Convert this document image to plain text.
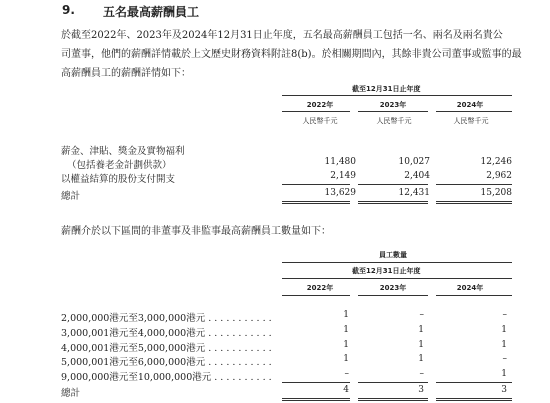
9. 五名最高薪酬員工
於截至2022年、2023年及2024年12月31日止年度，五名最高薪酬員工包括一名、兩名及兩名貴公
司董事，他們的薪酬詳情載於上文歷史財務資料附註8(b)。於相關期間內，其餘非貴公司董事或監事的最
高薪酬員工的薪酬詳情如下：
截至12月31日止年度
2022年	2023年	2024年
人民幣千元	人民幣千元	人民幣千元
薪金、津貼、獎金及實物福利
（包括養老金計劃供款）	11,480	10,027	12,246
以權益結算的股份支付開支	2,149	2,404	2,962
總計	13,629	12,431	15,208
薪酬介於以下區間的非董事及非監事最高薪酬員工數量如下：
員工數量
截至12月31日止年度
2022年	2023年	2024年
2,000,000港元至3,000,000港元 . . . . . . . . . . .	1	–	–
3,000,001港元至4,000,000港元 . . . . . . . . . . .	1	1	1
4,000,001港元至5,000,000港元 . . . . . . . . . . .	1	1	1
5,000,001港元至6,000,000港元 . . . . . . . . . . .	1	1	–
9,000,000港元至10,000,000港元 . . . . . . . . . .	–	–	1
總計	4	3	3
